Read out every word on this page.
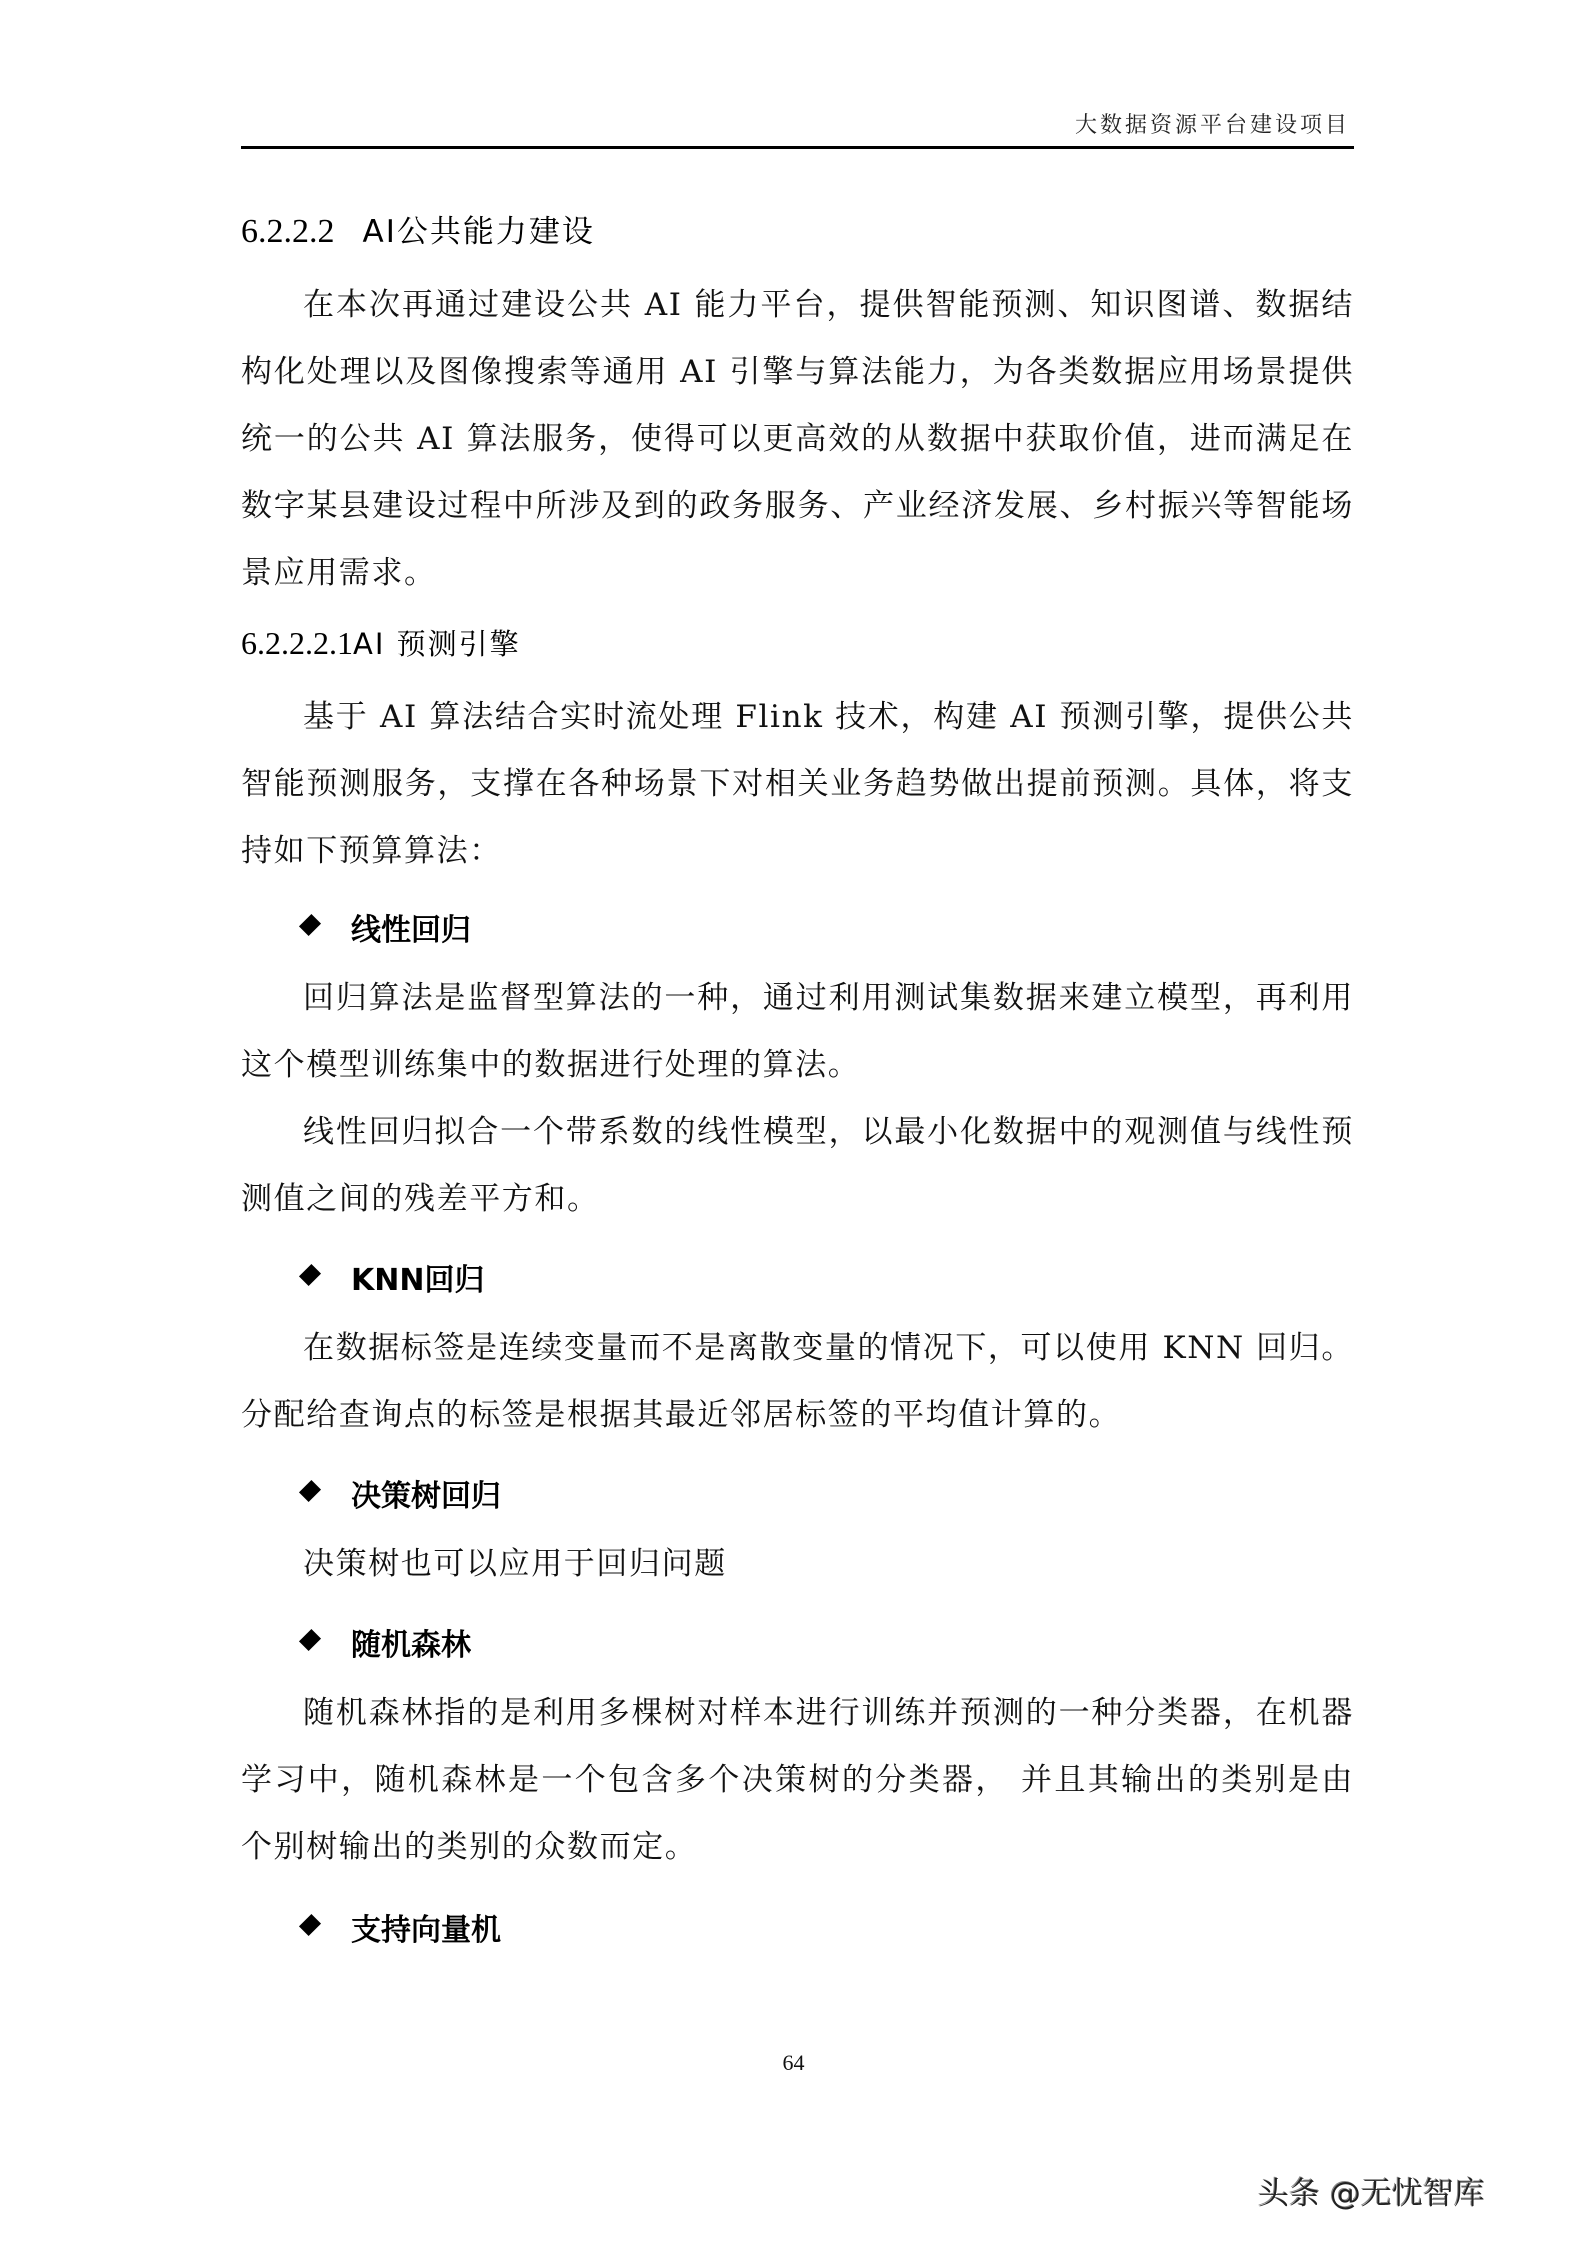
大数据资源平台建设项目
6.2.2.2 AI公共能力建设

在本次再通过建设公共 AI 能力平台，提供智能预测、知识图谱、数据结构化处理以及图像搜索等通用 AI 引擎与算法能力，为各类数据应用场景提供统一的公共 AI 算法服务，使得可以更高效的从数据中获取价值，进而满足在数字某县建设过程中所涉及到的政务服务、产业经济发展、乡村振兴等智能场景应用需求。

6.2.2.2.1AI 预测引擎

基于 AI 算法结合实时流处理 Flink 技术，构建 AI 预测引擎，提供公共智能预测服务，支撑在各种场景下对相关业务趋势做出提前预测。具体，将支持如下预算算法：

线性回归

回归算法是监督型算法的一种，通过利用测试集数据来建立模型，再利用这个模型训练集中的数据进行处理的算法。

线性回归拟合一个带系数的线性模型，以最小化数据中的观测值与线性预测值之间的残差平方和。

KNN回归

在数据标签是连续变量而不是离散变量的情况下，可以使用 KNN 回归。分配给查询点的标签是根据其最近邻居标签的平均值计算的。

决策树回归

决策树也可以应用于回归问题

随机森林

随机森林指的是利用多棵树对样本进行训练并预测的一种分类器，在机器学习中，随机森林是一个包含多个决策树的分类器， 并且其输出的类别是由个别树输出的类别的众数而定。

支持向量机
64
头条 @无忧智库
